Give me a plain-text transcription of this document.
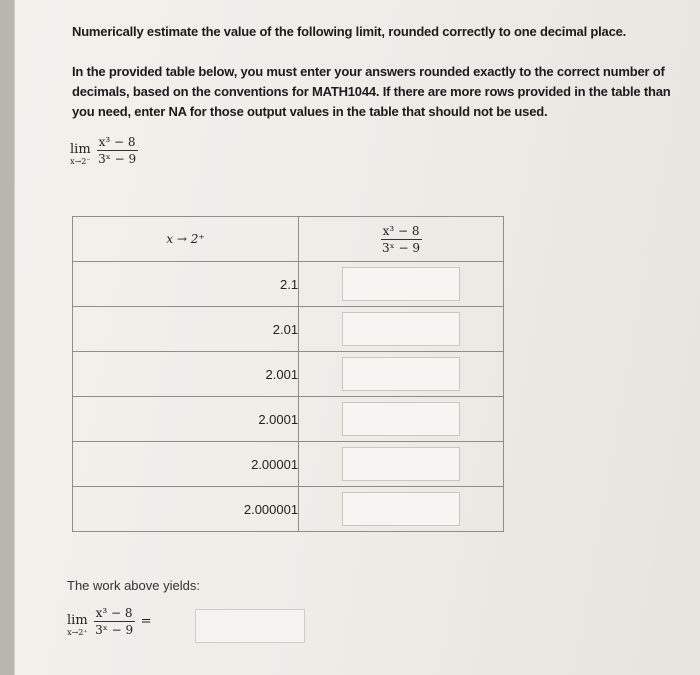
Numerically estimate the value of the following limit, rounded correctly to one decimal place.
In the provided table below, you must enter your answers rounded exactly to the correct number of decimals, based on the conventions for MATH1044. If there are more rows provided in the table than you need, enter NA for those output values in the table that should not be used.
lim
$x\to 2^- \frac{\text{x³ − 8}}{\text{3ˣ − 9}}$
x → 2⁺	$\frac{\text{x³ − 8}}{\text{3ˣ − 9}}$

2.1	

2.01	

2.001	

2.0001	

2.00001	

2.000001	
The work above yields:
lim
$x\to 2^+ \frac{\text{x³ − 8}}{\text{3ˣ − 9}}$ =
